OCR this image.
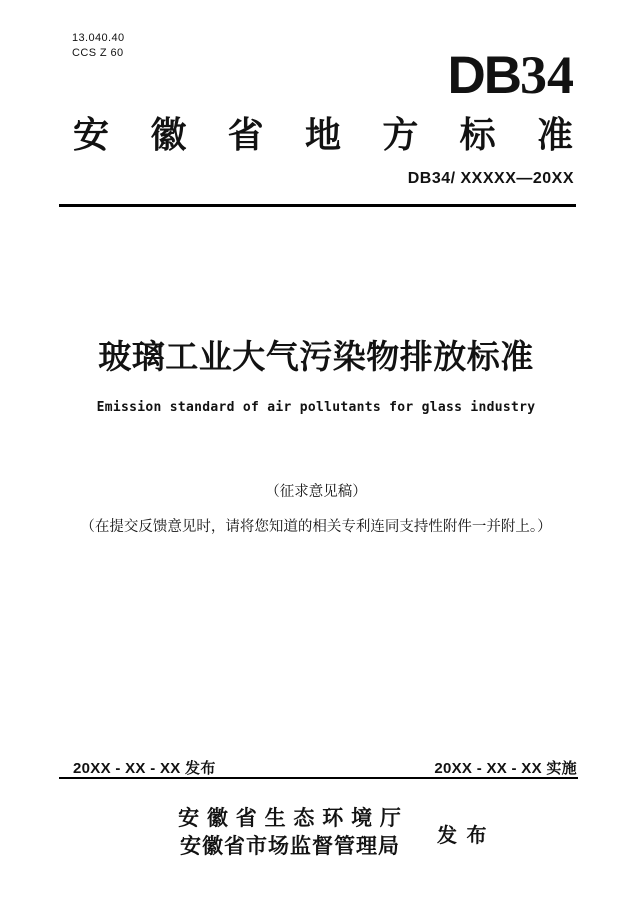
13.040.40
CCS Z 60	DB34
安 徽 省 地 方 标 准
DB34/ XXXXX—20XX
玻璃工业大气污染物排放标准
Emission standard of air pollutants for glass industry
（征求意见稿）
（在提交反馈意见时，请将您知道的相关专利连同支持性附件一并附上。）
20XX - XX - XX 发布	20XX - XX - XX 实施
安 徽 省 生 态 环 境 厅
安徽省市场监督管理局	发 布
